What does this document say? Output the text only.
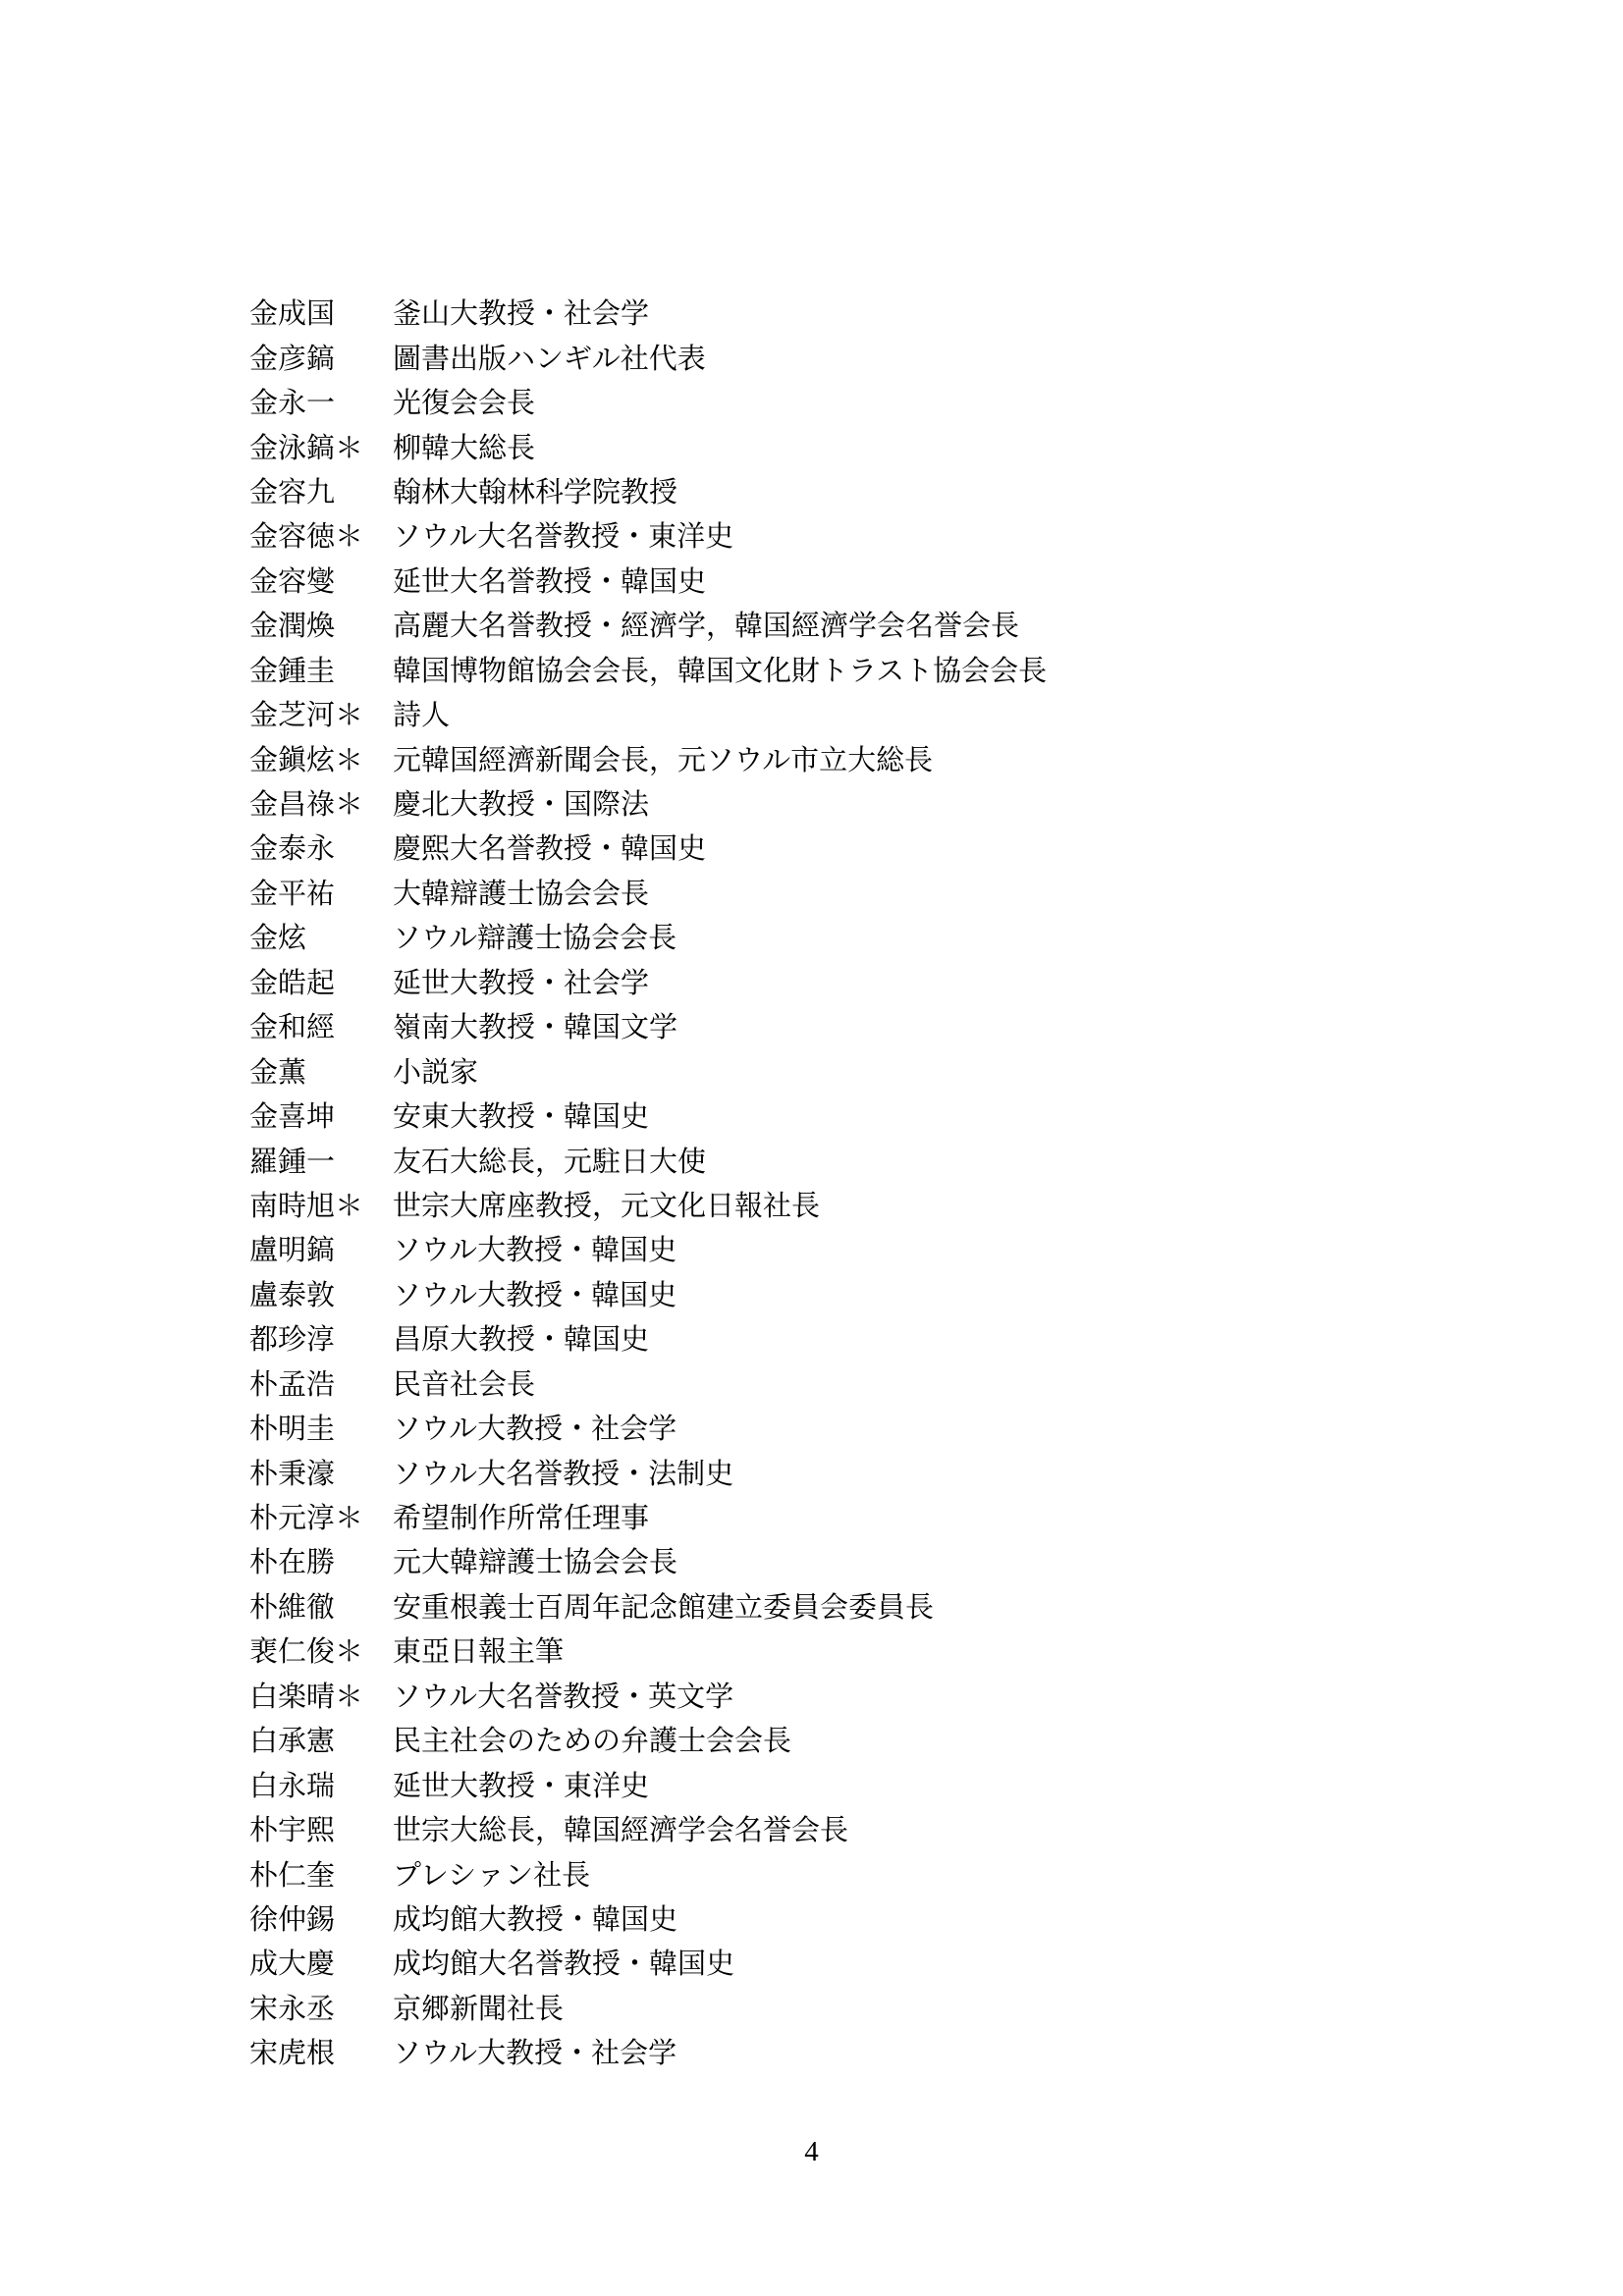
金成国	釜山大教授・社会学
金彦鎬	圖書出版ハンギル社代表
金永一	光復会会長
金泳鎬＊	柳韓大総長
金容九	翰林大翰林科学院教授
金容徳＊	ソウル大名誉教授・東洋史
金容燮	延世大名誉教授・韓国史
金潤煥	高麗大名誉教授・經濟学，韓国經濟学会名誉会長
金鍾圭	韓国博物館協会会長，韓国文化財トラスト協会会長
金芝河＊	詩人
金鎭炫＊	元韓国經濟新聞会長，元ソウル市立大総長
金昌祿＊	慶北大教授・国際法
金泰永	慶熙大名誉教授・韓国史
金平祐	大韓辯護士協会会長
金炫	ソウル辯護士協会会長
金皓起	延世大教授・社会学
金和經	嶺南大教授・韓国文学
金薫	小説家
金喜坤	安東大教授・韓国史
羅鍾一	友石大総長，元駐日大使
南時旭＊	世宗大席座教授，元文化日報社長
盧明鎬	ソウル大教授・韓国史
盧泰敦	ソウル大教授・韓国史
都珍淳	昌原大教授・韓国史
朴孟浩	民音社会長
朴明圭	ソウル大教授・社会学
朴秉濠	ソウル大名誉教授・法制史
朴元淳＊	希望制作所常任理事
朴在勝	元大韓辯護士協会会長
朴維徹	安重根義士百周年記念館建立委員会委員長
裵仁俊＊	東亞日報主筆
白楽晴＊	ソウル大名誉教授・英文学
白承憲	民主社会のための弁護士会会長
白永瑞	延世大教授・東洋史
朴宇熙	世宗大総長，韓国經濟学会名誉会長
朴仁奎	プレシァン社長
徐仲錫	成均館大教授・韓国史
成大慶	成均館大名誉教授・韓国史
宋永丞	京郷新聞社長
宋虎根	ソウル大教授・社会学
4
